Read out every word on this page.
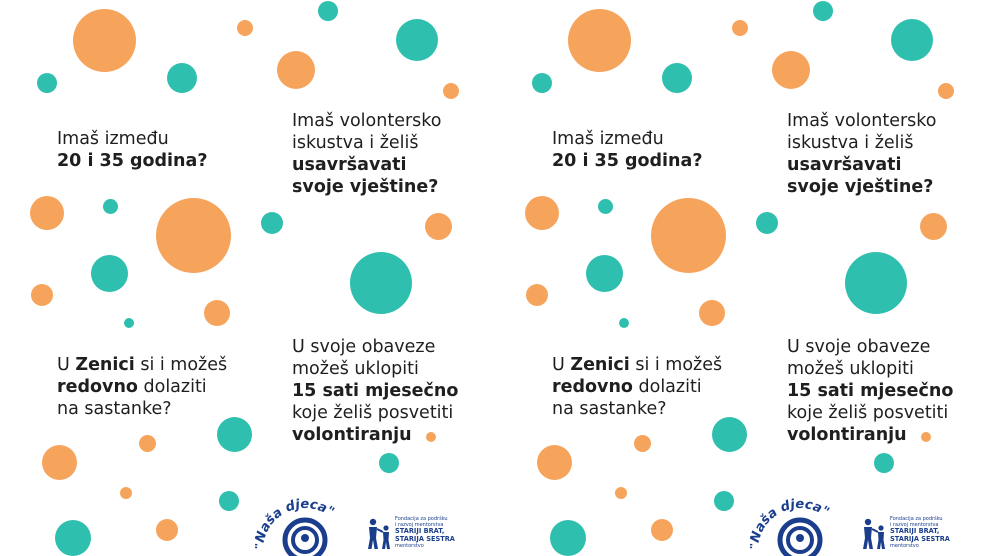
Imaš između
20 i 35 godina?
Imaš volontersko
iskustva i želiš
usavršavati
svoje vještine?
U Zenici si i možeš
redovno dolaziti
na sastanke?
U svoje obaveze
možeš uklopiti
15 sati mjesečno
koje želiš posvetiti
volontiranju
aša djeca"	Fondacija za podršku
i razvoj mentorstva
STARIJI BRAT,
STARIJA SESTRA
mentorstvo
Imaš između
20 i 35 godina?
Imaš volontersko
iskustva i želiš
usavršavati
svoje vještine?
U Zenici si i možeš
redovno dolaziti
na sastanke?
U svoje obaveze
možeš uklopiti
15 sati mjesečno
koje želiš posvetiti
volontiranju
aša djeca"	Fondacija za podršku
i razvoj mentorstva
STARIJI BRAT,
STARIJA SESTRA
mentorstvo
